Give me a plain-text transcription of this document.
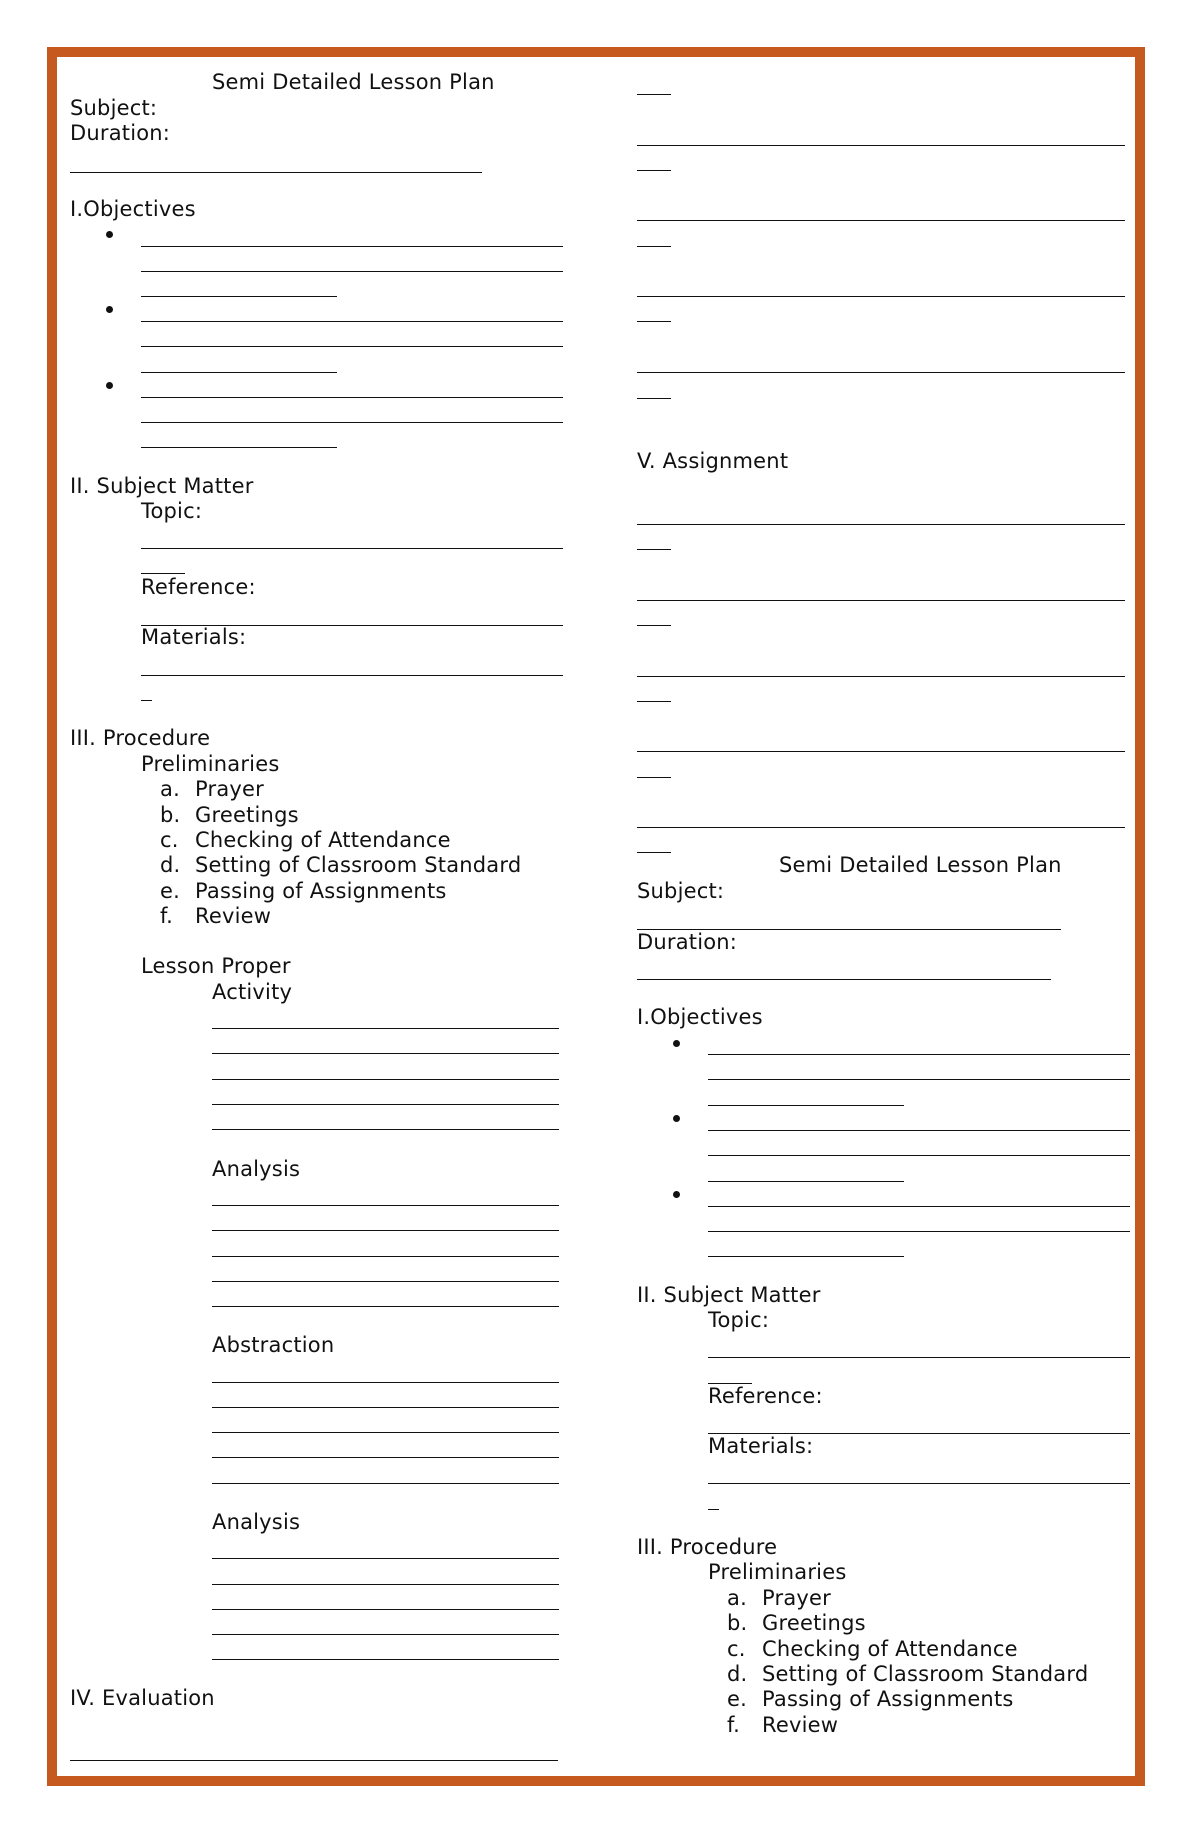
Semi Detailed Lesson Plan
Subject:
Duration:
I.Objectives
II. Subject Matter
Topic:
Reference:
Materials:
III. Procedure
Preliminaries
a. Prayer
b. Greetings
c. Checking of Attendance
d. Setting of Classroom Standard
e. Passing of Assignments
f. Review
Lesson Proper
Activity
Analysis
Abstraction
Analysis
IV. Evaluation
V. Assignment
Semi Detailed Lesson Plan
Subject:
Duration:
I.Objectives
II. Subject Matter
Topic:
Reference:
Materials:
III. Procedure
Preliminaries
a. Prayer
b. Greetings
c. Checking of Attendance
d. Setting of Classroom Standard
e. Passing of Assignments
f. Review
